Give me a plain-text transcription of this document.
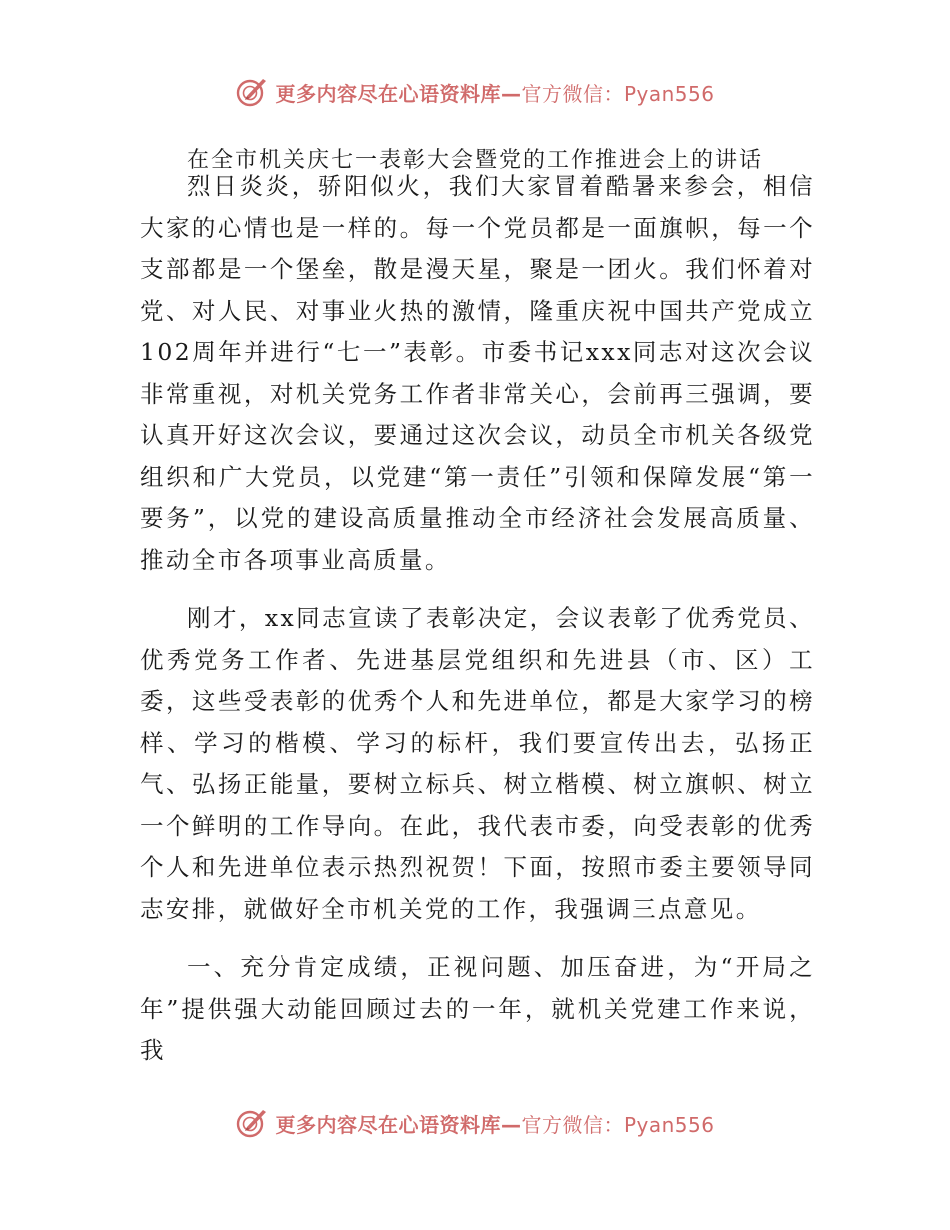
更多内容尽在心语资料库—官方微信：Pyan556
在全市机关庆七一表彰大会暨党的工作推进会上的讲话

烈日炎炎，骄阳似火，我们大家冒着酷暑来参会，相信大家的心情也是一样的。每一个党员都是一面旗帜，每一个支部都是一个堡垒，散是漫天星，聚是一团火。我们怀着对党、对人民、对事业火热的激情，隆重庆祝中国共产党成立102周年并进行“七一”表彰。市委书记xxx同志对这次会议非常重视，对机关党务工作者非常关心，会前再三强调，要认真开好这次会议，要通过这次会议，动员全市机关各级党组织和广大党员，以党建“第一责任”引领和保障发展“第一要务”，以党的建设高质量推动全市经济社会发展高质量、推动全市各项事业高质量。

刚才，xx同志宣读了表彰决定，会议表彰了优秀党员、优秀党务工作者、先进基层党组织和先进县（市、区）工委，这些受表彰的优秀个人和先进单位，都是大家学习的榜样、学习的楷模、学习的标杆，我们要宣传出去，弘扬正气、弘扬正能量，要树立标兵、树立楷模、树立旗帜、树立一个鲜明的工作导向。在此，我代表市委，向受表彰的优秀个人和先进单位表示热烈祝贺！下面，按照市委主要领导同志安排，就做好全市机关党的工作，我强调三点意见。

一、充分肯定成绩，正视问题、加压奋进，为“开局之年”提供强大动能回顾过去的一年，就机关党建工作来说，我

更多内容尽在心语资料库—官方微信：Pyan556
